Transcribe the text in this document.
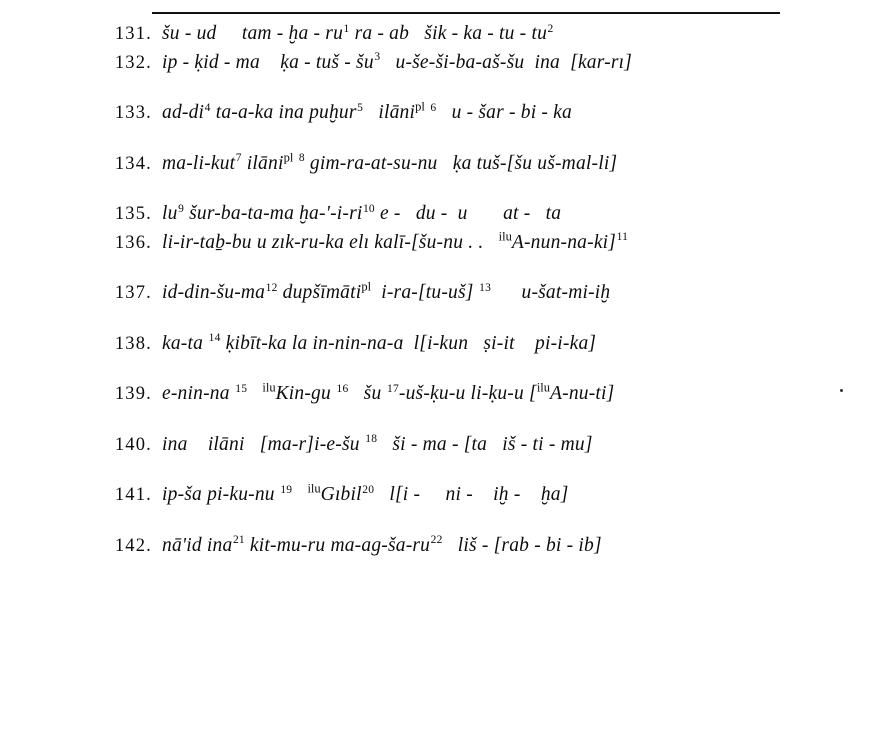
131. šu - ud     tam - ḫa - $ru^1$ ra - ab   šik - ka - tu - $tu^2$
132. ip - ḳid - ma    ḳa - tuš - $šu^3$   u-še-ši-ba-aš-šu  ina  [kar-rı]
133. $ad-di^4$ ta-a-ka ina puḫur$^5$   ilāni$^{pl}$ $^6$   u - šar - bi - ka
134. ma-li-kut$^7$ ilāni$^{pl}$ $^8$ gim-ra-at-su-nu   ḳa tuš-[šu uš-mal-li]
135. $lu^9$ šur-ba-ta-ma $ḫa-'-i-ri^{10}$ e -   du -  u       at -   ta
136. li-ir-taḇ-bu u zık-ru-ka elı kalī-[šu-nu . .   $^{ilu}$A-nun-na-ki]$^{11}$
137. $id-din-šu-ma^{12}$ dupšīmāti$^{pl}$  i-ra-[tu-uš] $^{13}$      u-šat-mi-iḫ
138. ka-ta $^{14}$ ḳibīt-ka la in-nin-na-ɑ  l[i-kun   ṣi-it    pi-i-ka]
139. e-nin-na $^{15}$ $^{ilu}$Kin-gu $^{16}$   šu $^{17}$-uš-ḳu-u li-ḳu-u [$^{ilu}$A-nu-ti]
140. ina    ilāni   [ma-r]i-e-šu $^{18}$   ši - ma - [ta   iš - ti - mu]
141. ip-ša pi-ku-nu $^{19}$ $^{ilu}$Gıbil$^{20}$   l[i -     ni -    iḫ -    ḫa]
142. nā'id ina$^{21}$ kit-mu-ru $ma-ag-ša-ru^{22}$   liš - [rab - bi - ib]
